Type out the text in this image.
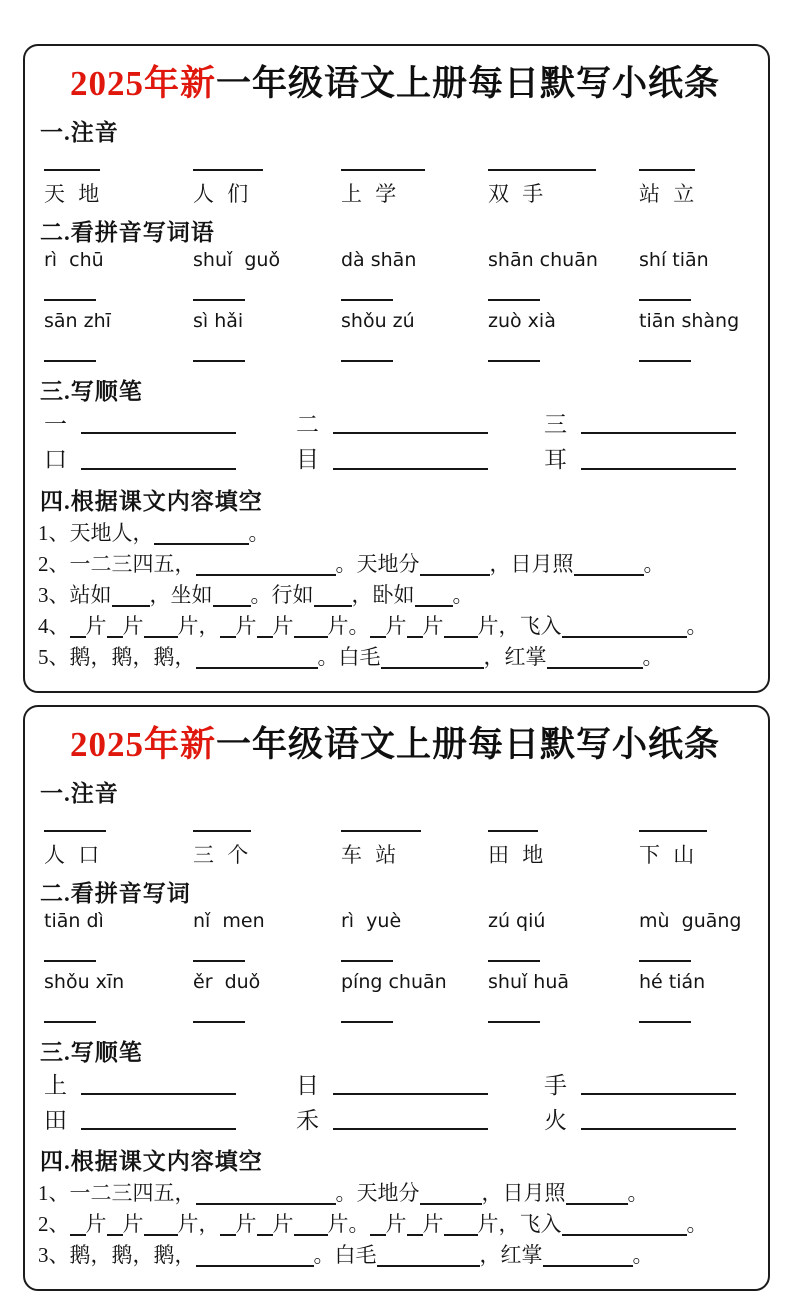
2025年新一年级语文上册每日默写小纸条
一.注音
天 地	人 们	上 学	双 手	站 立
二.看拼音写词语
rì  chū	shuǐ  guǒ	dà shān	shān chuān	shí tiān
sān zhī	sì hǎi	shǒu zú	zuò xià	tiān shàng
三.写顺笔
一	二	三
口	目	耳
四.根据课文内容填空
1、天地人，	。
2、一二三四五，	。天地分	，日月照	。
3、站如 ，坐如 。行如 ，卧如 。
4、 片 片 片， 片 片 片。 片 片 片，飞入	。
5、鹅，鹅，鹅，	。白毛	，红掌	。
2025年新一年级语文上册每日默写小纸条
一.注音
人 口	三 个	车 站	田 地	下 山
二.看拼音写词
tiān dì	nǐ  men	rì  yuè	zú qiú	mù  guāng
shǒu xīn	ěr  duǒ	píng chuān	shuǐ huā	hé tián
三.写顺笔
上	日	手
田	禾	火
四.根据课文内容填空
1、一二三四五，	。天地分	，日月照	。
2、 片 片 片， 片 片 片。 片 片 片，飞入	。
3、鹅，鹅，鹅，	。白毛	，红掌	。
